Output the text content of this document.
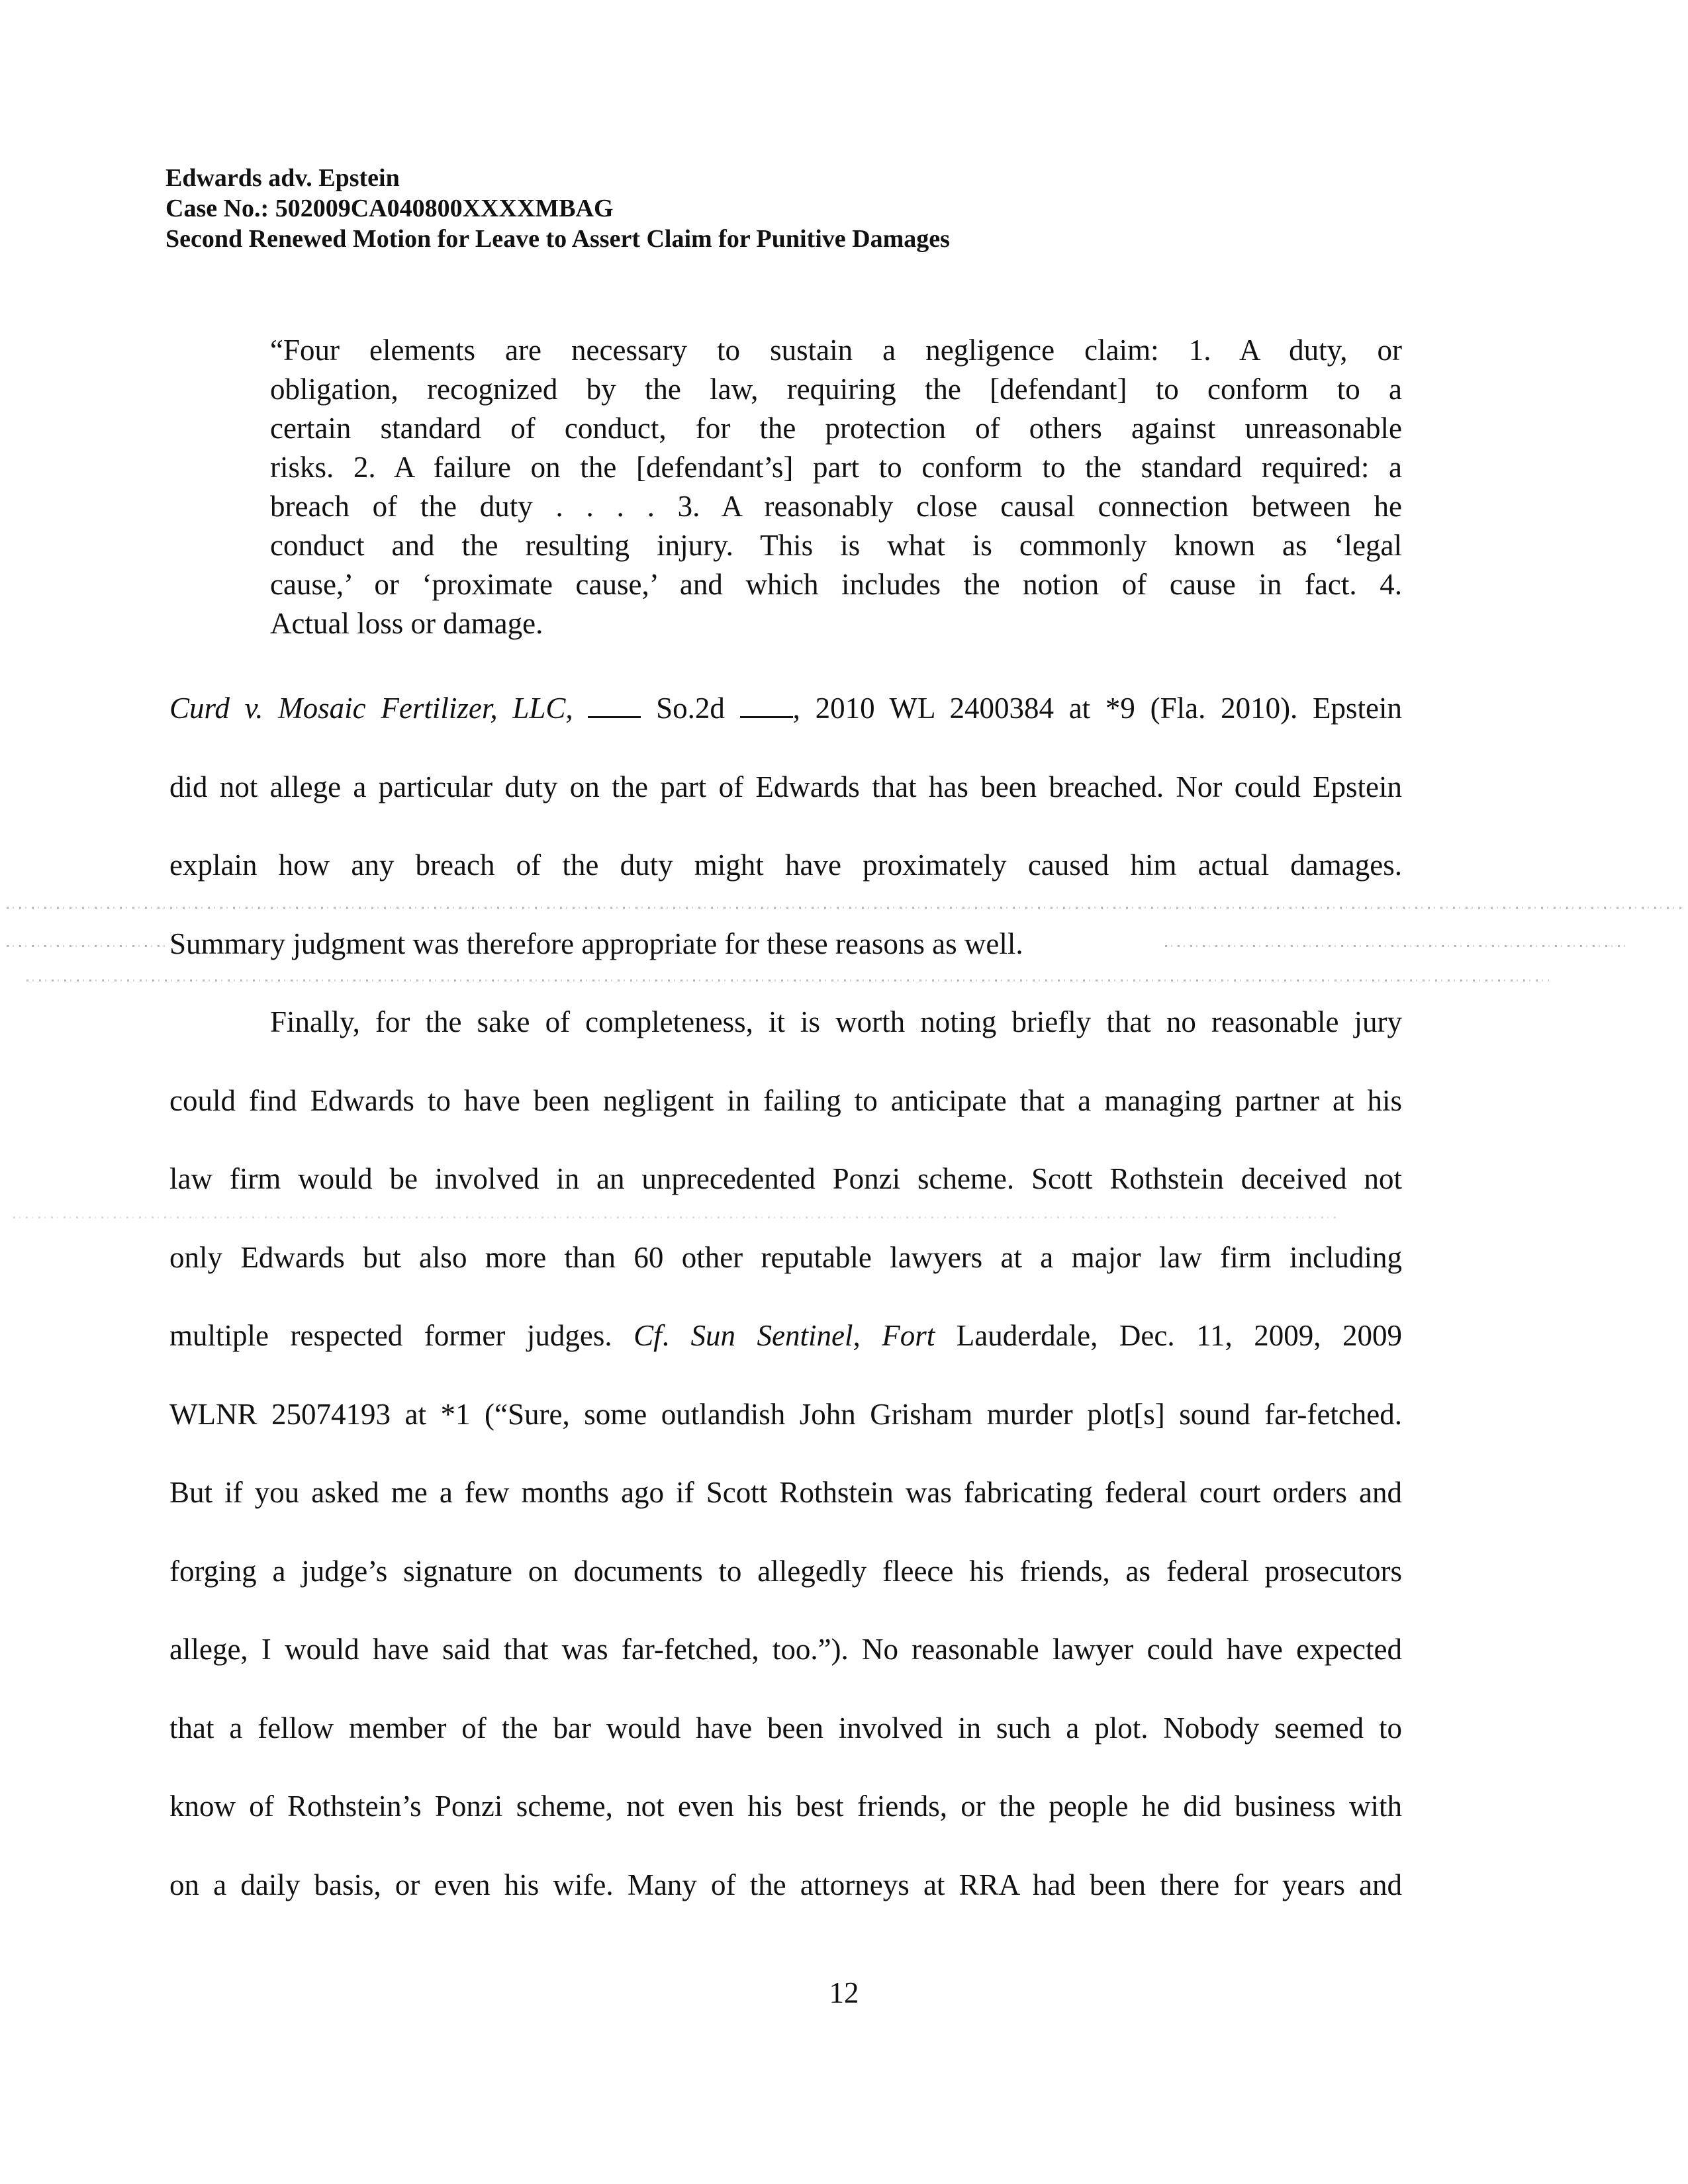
Edwards adv. Epstein
Case No.: 502009CA040800XXXXMBAG
Second Renewed Motion for Leave to Assert Claim for Punitive Damages
“Four elements are necessary to sustain a negligence claim: 1. A duty, or
obligation, recognized by the law, requiring the [defendant] to conform to a
certain standard of conduct, for the protection of others against unreasonable
risks. 2. A failure on the [defendant’s] part to conform to the standard required: a
breach of the duty . . . . 3. A reasonably close causal connection between he
conduct and the resulting injury. This is what is commonly known as ‘legal
cause,’ or ‘proximate cause,’ and which includes the notion of cause in fact. 4.
Actual loss or damage.
Curd v. Mosaic Fertilizer, LLC,	So.2d , 2010 WL 2400384 at *9 (Fla. 2010). Epstein
did not allege a particular duty on the part of Edwards that has been breached. Nor could Epstein
explain how any breach of the duty might have proximately caused him actual damages.
Summary judgment was therefore appropriate for these reasons as well.
Finally, for the sake of completeness, it is worth noting briefly that no reasonable jury
could find Edwards to have been negligent in failing to anticipate that a managing partner at his
law firm would be involved in an unprecedented Ponzi scheme. Scott Rothstein deceived not
only Edwards but also more than 60 other reputable lawyers at a major law firm including
multiple respected former judges. Cf. Sun Sentinel, Fort Lauderdale, Dec. 11, 2009, 2009
WLNR 25074193 at *1 (“Sure, some outlandish John Grisham murder plot[s] sound far-fetched.
But if you asked me a few months ago if Scott Rothstein was fabricating federal court orders and
forging a judge’s signature on documents to allegedly fleece his friends, as federal prosecutors
allege, I would have said that was far-fetched, too.”). No reasonable lawyer could have expected
that a fellow member of the bar would have been involved in such a plot. Nobody seemed to
know of Rothstein’s Ponzi scheme, not even his best friends, or the people he did business with
on a daily basis, or even his wife. Many of the attorneys at RRA had been there for years and
12
